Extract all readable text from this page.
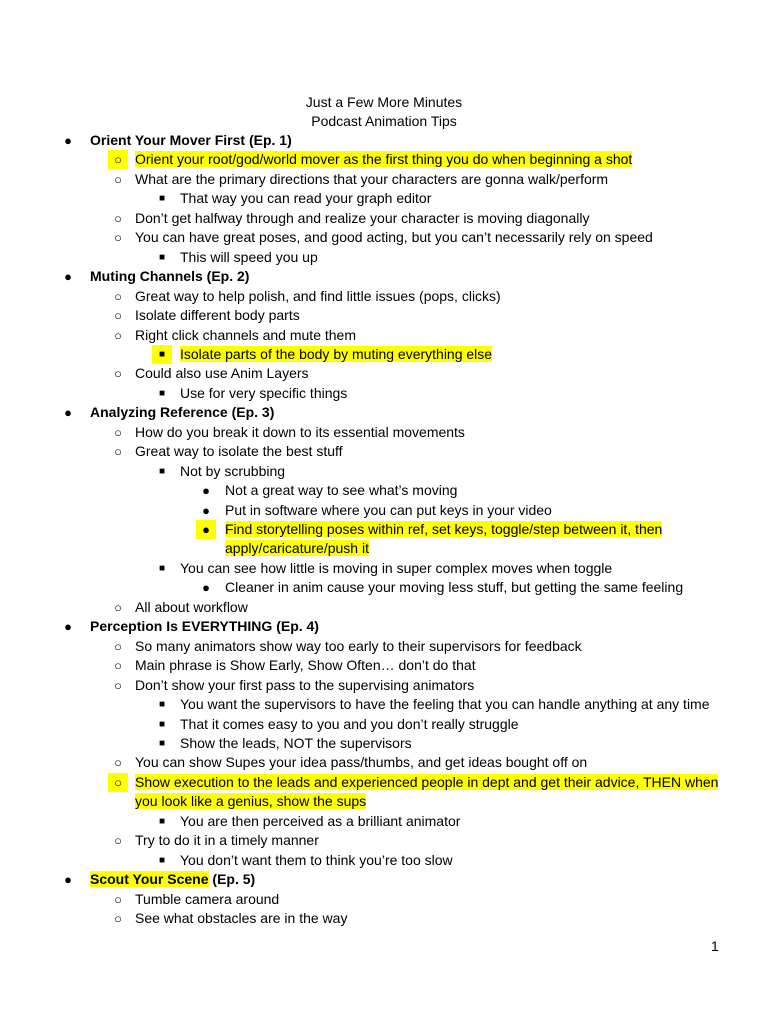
Just a Few More Minutes
Podcast Animation Tips
●	Orient Your Mover First (Ep. 1)
○ Orient your root/god/world mover as the first thing you do when beginning a shot
○ What are the primary directions that your characters are gonna walk/perform
■	That way you can read your graph editor
○ Don’t get halfway through and realize your character is moving diagonally
○ You can have great poses, and good acting, but you can’t necessarily rely on speed
■	This will speed you up
●	Muting Channels (Ep. 2)
○ Great way to help polish, and find little issues (pops, clicks)
○ Isolate different body parts
○ Right click channels and mute them
■	Isolate parts of the body by muting everything else
○ Could also use Anim Layers
■	Use for very specific things
●	Analyzing Reference (Ep. 3)
○ How do you break it down to its essential movements
○ Great way to isolate the best stuff
■	Not by scrubbing
●	Not a great way to see what’s moving
●	Put in software where you can put keys in your video
●	Find storytelling poses within ref, set keys, toggle/step between it, then
apply/caricature/push it
■	You can see how little is moving in super complex moves when toggle
●	Cleaner in anim cause your moving less stuff, but getting the same feeling
○ All about workflow
●	Perception Is EVERYTHING (Ep. 4)
○ So many animators show way too early to their supervisors for feedback
○ Main phrase is Show Early, Show Often… don’t do that
○ Don’t show your first pass to the supervising animators
■	You want the supervisors to have the feeling that you can handle anything at any time
■	That it comes easy to you and you don’t really struggle
■	Show the leads, NOT the supervisors
○ You can show Supes your idea pass/thumbs, and get ideas bought off on
○ Show execution to the leads and experienced people in dept and get their advice, THEN when
you look like a genius, show the sups
■	You are then perceived as a brilliant animator
○ Try to do it in a timely manner
■	You don’t want them to think you’re too slow
●	Scout Your Scene (Ep. 5)
○ Tumble camera around
○ See what obstacles are in the way
1
